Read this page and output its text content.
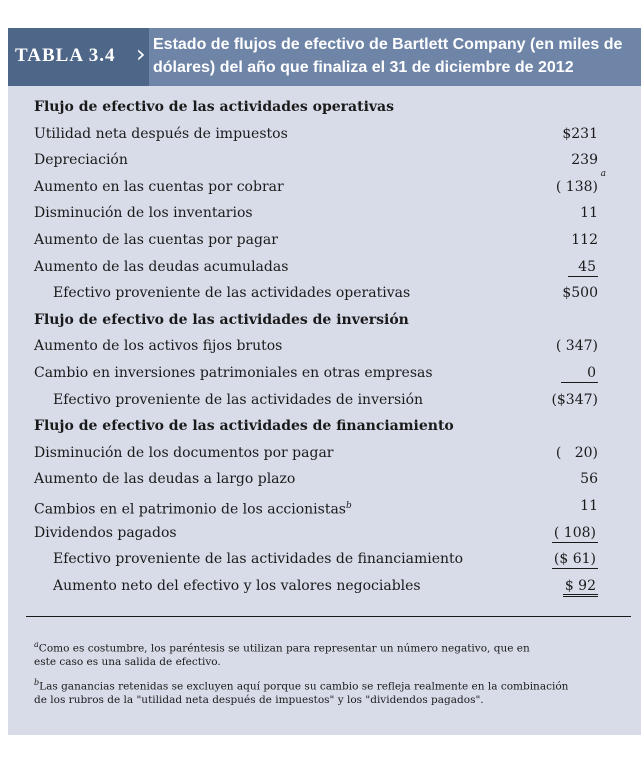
TABLA 3.4 › Estado de flujos de efectivo de Bartlett Company (en miles de
dólares) del año que finaliza el 31 de diciembre de 2012
Flujo de efectivo de las actividades operativas
Utilidad neta después de impuestos	$231
Depreciación	239
Aumento en las cuentas por cobrar	( 138)
a
Disminución de los inventarios	11
Aumento de las cuentas por pagar	112
Aumento de las deudas acumuladas	45
Efectivo proveniente de las actividades operativas	$500
Flujo de efectivo de las actividades de inversión
Aumento de los activos fijos brutos	( 347)
Cambio en inversiones patrimoniales en otras empresas	0
Efectivo proveniente de las actividades de inversión	($347)
Flujo de efectivo de las actividades de financiamiento
Disminución de los documentos por pagar	(   20)
Aumento de las deudas a largo plazo	56
Cambios en el patrimonio de los accionistas$^b$	11
Dividendos pagados	( 108)
Efectivo proveniente de las actividades de financiamiento	($ 61)
Aumento neto del efectivo y los valores negociables	$ 92
$^a$Como es costumbre, los paréntesis se utilizan para representar un número negativo, que en
este caso es una salida de efectivo.
$^b$Las ganancias retenidas se excluyen aquí porque su cambio se refleja realmente en la combinación
de los rubros de la "utilidad neta después de impuestos" y los "dividendos pagados".
